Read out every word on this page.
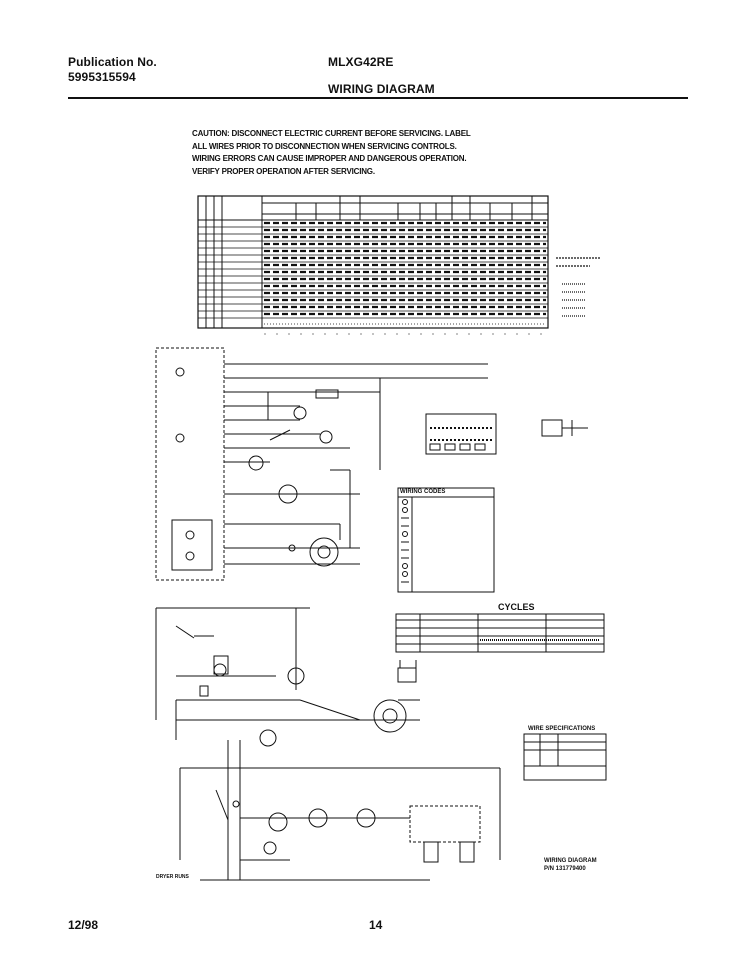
Publication No.
5995315594
MLXG42RE
WIRING DIAGRAM
CAUTION: DISCONNECT ELECTRIC CURRENT BEFORE SERVICING. LABEL
ALL WIRES PRIOR TO DISCONNECTION WHEN SERVICING CONTROLS.
WIRING ERRORS CAN CAUSE IMPROPER AND DANGEROUS OPERATION.
VERIFY PROPER OPERATION AFTER SERVICING.
WIRING CODES
CYCLES
WIRE SPECIFICATIONS
WIRING DIAGRAM
P/N 131779400
DRYER RUNS
12/98	14
